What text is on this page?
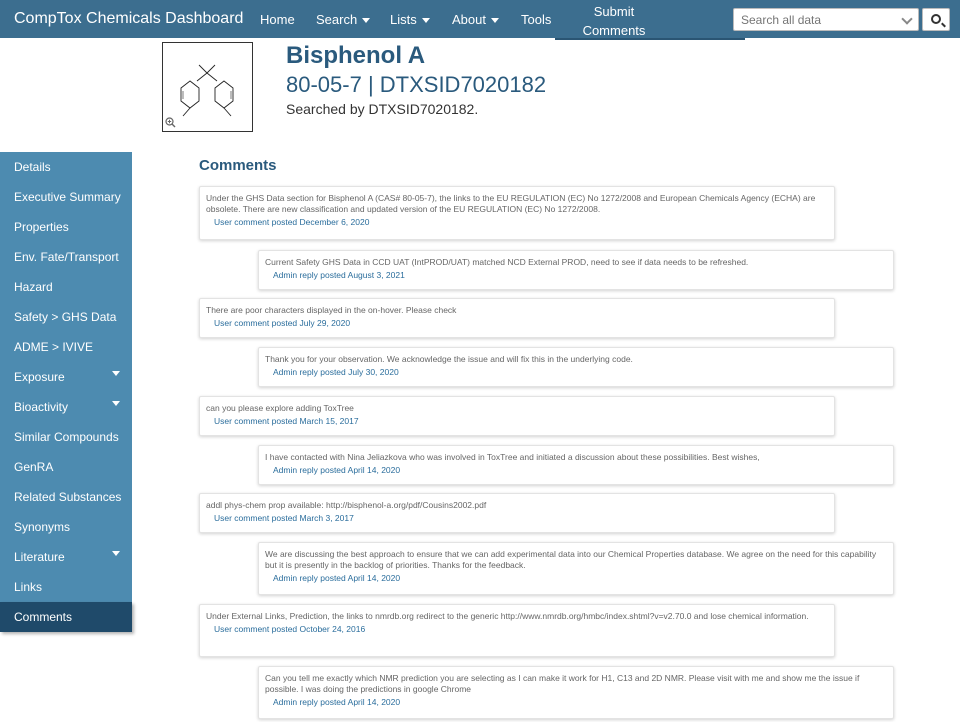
CompTox Chemicals Dashboard Home Search	Lists	About	Tools
Submit
Comments
Search all data
Bisphenol A
80-05-7 | DTXSID7020182
Searched by DTXSID7020182.
Details
Executive Summary
Properties
Env. Fate/Transport
Hazard
Safety > GHS Data
ADME > IVIVE
Exposure
Bioactivity
Similar Compounds
GenRA
Related Substances
Synonyms
Literature
Links
Comments
Comments
Under the GHS Data section for Bisphenol A (CAS# 80-05-7), the links to the EU REGULATION (EC) No 1272/2008 and European Chemicals Agency (ECHA) are obsolete. There are new classification and updated version of the EU REGULATION (EC) No 1272/2008.
User comment posted December 6, 2020
Current Safety GHS Data in CCD UAT (IntPROD/UAT) matched NCD External PROD, need to see if data needs to be refreshed.
Admin reply posted August 3, 2021
There are poor characters displayed in the on-hover. Please check
User comment posted July 29, 2020
Thank you for your observation. We acknowledge the issue and will fix this in the underlying code.
Admin reply posted July 30, 2020
can you please explore adding ToxTree
User comment posted March 15, 2017
I have contacted with Nina Jeliazkova who was involved in ToxTree and initiated a discussion about these possibilities. Best wishes,
Admin reply posted April 14, 2020
addl phys-chem prop available: http://bisphenol-a.org/pdf/Cousins2002.pdf
User comment posted March 3, 2017
We are discussing the best approach to ensure that we can add experimental data into our Chemical Properties database. We agree on the need for this capability but it is presently in the backlog of priorities. Thanks for the feedback.
Admin reply posted April 14, 2020
Under External Links, Prediction, the links to nmrdb.org redirect to the generic http://www.nmrdb.org/hmbc/index.shtml?v=v2.70.0 and lose chemical information.
User comment posted October 24, 2016
Can you tell me exactly which NMR prediction you are selecting as I can make it work for H1, C13 and 2D NMR. Please visit with me and show me the issue if possible. I was doing the predictions in google Chrome
Admin reply posted April 14, 2020
